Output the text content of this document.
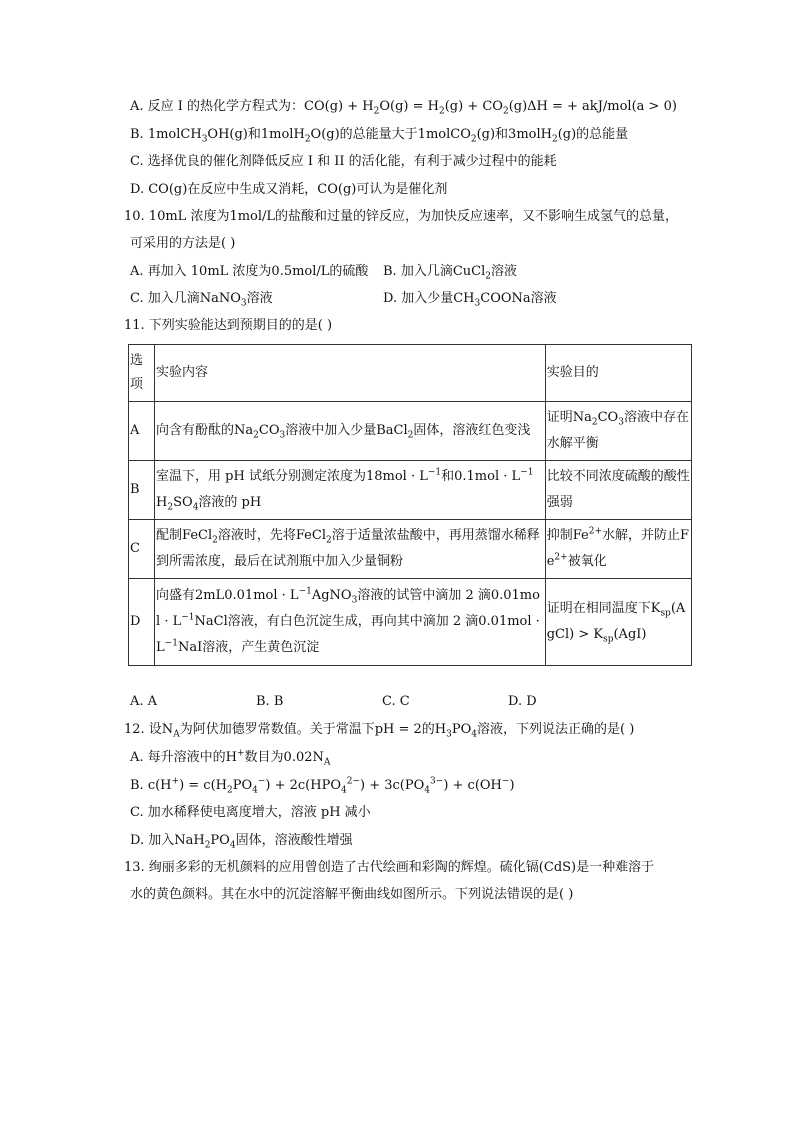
A. 反应 I 的热化学方程式为：$CO(g) + H_2O(g) = H_2(g) + CO_2(g)\Delta H$ = + akJ/mol(a > 0)
B. 1molCH$_3$OH(g)和1molH$_2$O(g)的总能量大于1molCO$_2$(g)和3molH$_2$(g)的总能量
C. 选择优良的催化剂降低反应 I 和 II 的活化能，有利于减少过程中的能耗
D. CO(g)在反应中生成又消耗，CO(g)可认为是催化剂
10. 10mL 浓度为1mol/L的盐酸和过量的锌反应，为加快反应速率，又不影响生成氢气的总量，
可采用的方法是( )
A. 再加入 10mL 浓度为0.5mol/L的硫酸 B. 加入几滴CuCl$_2$溶液
C. 加入几滴NaNO$_3$溶液	D. 加入少量$CH_3COONa$溶液
11. 下列实验能达到预期目的的是( )
选
项	实验内容	实验目的
A	向含有酚酞的$Na_2CO_3$溶液中加入少量BaCl$_2$固体，溶液红色变浅	证明$Na_2CO_3$溶液中存在水解平衡
B	室温下，用 pH 试纸分别测定浓度为$18mol \cdot L^{-1}$和$0.1mol \cdot L^{-1}H_2SO_4$溶液的 pH	比较不同浓度硫酸的酸性强弱
C	配制FeCl$_2$溶液时，先将FeCl$_2$溶于适量浓盐酸中，再用蒸馏水稀释到所需浓度，最后在试剂瓶中加入少量铜粉	抑制$Fe^{2+}$水解，并防止$Fe^{2+}$被氧化
D	向盛有$2mL0.01mol \cdot L^{-1}AgNO_3$溶液的试管中滴加 2 滴$0.01mol \cdot L^{-1}NaCl$溶液，有白色沉淀生成，再向其中滴加 2 滴$0.01mol \cdot L^{-1}NaI$溶液，产生黄色沉淀	证明在相同温度下$K_{sp}(AgCl) > K_{sp}(AgI)$
A. A	B. B	C. C	D. D
12. 设$N_A$为阿伏加德罗常数值。关于常温下pH = 2的$H_3PO_4$溶液，下列说法正确的是( )
A. 每升溶液中的H+数目为$0.02N_A$
B. $c(H^+) = c(H_2PO_4^-) + 2c(HPO_4^{2-}) + 3c(PO_4^{3-}) + c(OH^-)$
C. 加水稀释使电离度增大，溶液 pH 减小
D. 加入$NaH_2PO_4$固体，溶液酸性增强
13. 绚丽多彩的无机颜料的应用曾创造了古代绘画和彩陶的辉煌。硫化镉(CdS)是一种难溶于
水的黄色颜料。其在水中的沉淀溶解平衡曲线如图所示。下列说法错误的是( )
